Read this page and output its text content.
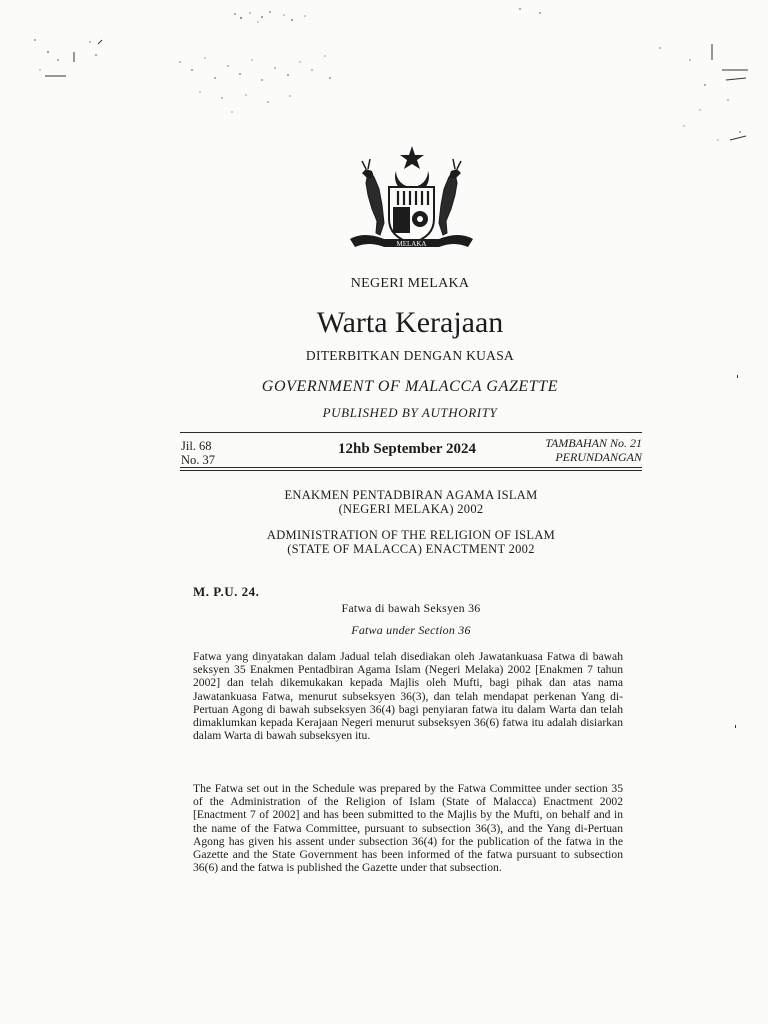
MELAKA
NEGERI MELAKA
Warta Kerajaan
DITERBITKAN DENGAN KUASA
GOVERNMENT OF MALACCA GAZETTE
PUBLISHED BY AUTHORITY
Jil. 68
No. 37
12hb September 2024	TAMBAHAN No. 21
PERUNDANGAN
ENAKMEN PENTADBIRAN AGAMA ISLAM
(NEGERI MELAKA) 2002
ADMINISTRATION OF THE RELIGION OF ISLAM
(STATE OF MALACCA) ENACTMENT 2002
M. P.U. 24.
Fatwa di bawah Seksyen 36
Fatwa under Section 36
Fatwa yang dinyatakan dalam Jadual telah disediakan oleh Jawatankuasa Fatwa di bawah seksyen 35 Enakmen Pentadbiran Agama Islam (Negeri Melaka) 2002 [Enakmen 7 tahun 2002] dan telah dikemukakan kepada Majlis oleh Mufti, bagi pihak dan atas nama Jawatankuasa Fatwa, menurut subseksyen 36(3), dan telah mendapat perkenan Yang di-Pertuan Agong di bawah subseksyen 36(4) bagi penyiaran fatwa itu dalam Warta dan telah dimaklumkan kepada Kerajaan Negeri menurut subseksyen 36(6) fatwa itu adalah disiarkan dalam Warta di bawah subseksyen itu.
The Fatwa set out in the Schedule was prepared by the Fatwa Committee under section 35 of the Administration of the Religion of Islam (State of Malacca) Enactment 2002 [Enactment 7 of 2002] and has been submitted to the Majlis by the Mufti, on behalf and in the name of the Fatwa Committee, pursuant to subsection 36(3), and the Yang di-Pertuan Agong has given his assent under subsection 36(4) for the publication of the fatwa in the Gazette and the State Government has been informed of the fatwa pursuant to subsection 36(6) and the fatwa is published the Gazette under that subsection.
